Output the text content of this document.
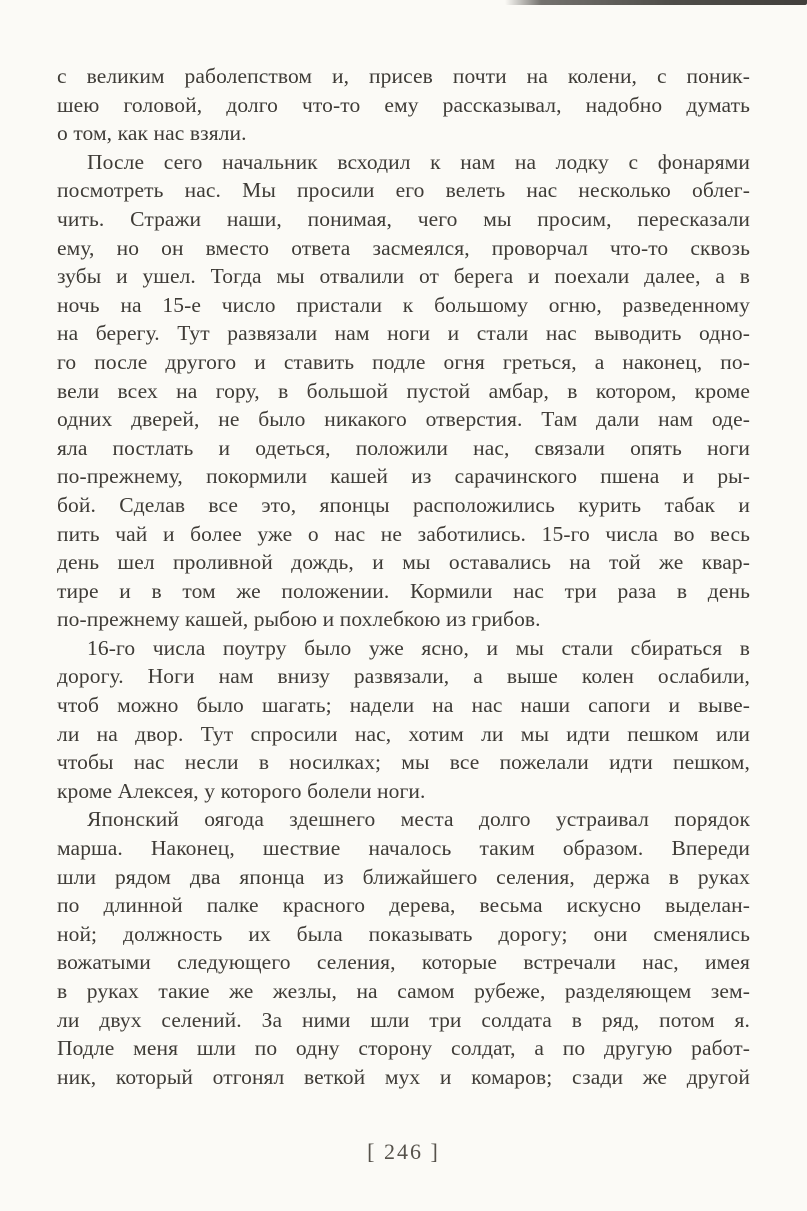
с великим раболепством и, присев почти на колени, с поник-
шею головой, долго что-то ему рассказывал, надобно думать
о том, как нас взяли.
После сего начальник всходил к нам на лодку с фонарями
посмотреть нас. Мы просили его велеть нас несколько облег-
чить. Стражи наши, понимая, чего мы просим, пересказали
ему, но он вместо ответа засмеялся, проворчал что-то сквозь
зубы и ушел. Тогда мы отвалили от берега и поехали далее, а в
ночь на 15-е число пристали к большому огню, разведенному
на берегу. Тут развязали нам ноги и стали нас выводить одно-
го после другого и ставить подле огня греться, а наконец, по-
вели всех на гору, в большой пустой амбар, в котором, кроме
одних дверей, не было никакого отверстия. Там дали нам оде-
яла постлать и одеться, положили нас, связали опять ноги
по-прежнему, покормили кашей из сарачинского пшена и ры-
бой. Сделав все это, японцы расположились курить табак и
пить чай и более уже о нас не заботились. 15-го числа во весь
день шел проливной дождь, и мы оставались на той же квар-
тире и в том же положении. Кормили нас три раза в день
по-прежнему кашей, рыбою и похлебкою из грибов.
16-го числа поутру было уже ясно, и мы стали сбираться в
дорогу. Ноги нам внизу развязали, а выше колен ослабили,
чтоб можно было шагать; надели на нас наши сапоги и выве-
ли на двор. Тут спросили нас, хотим ли мы идти пешком или
чтобы нас несли в носилках; мы все пожелали идти пешком,
кроме Алексея, у которого болели ноги.
Японский оягода здешнего места долго устраивал порядок
марша. Наконец, шествие началось таким образом. Впереди
шли рядом два японца из ближайшего селения, держа в руках
по длинной палке красного дерева, весьма искусно выделан-
ной; должность их была показывать дорогу; они сменялись
вожатыми следующего селения, которые встречали нас, имея
в руках такие же жезлы, на самом рубеже, разделяющем зем-
ли двух селений. За ними шли три солдата в ряд, потом я.
Подле меня шли по одну сторону солдат, а по другую работ-
ник, который отгонял веткой мух и комаров; сзади же другой
[ 246 ]
